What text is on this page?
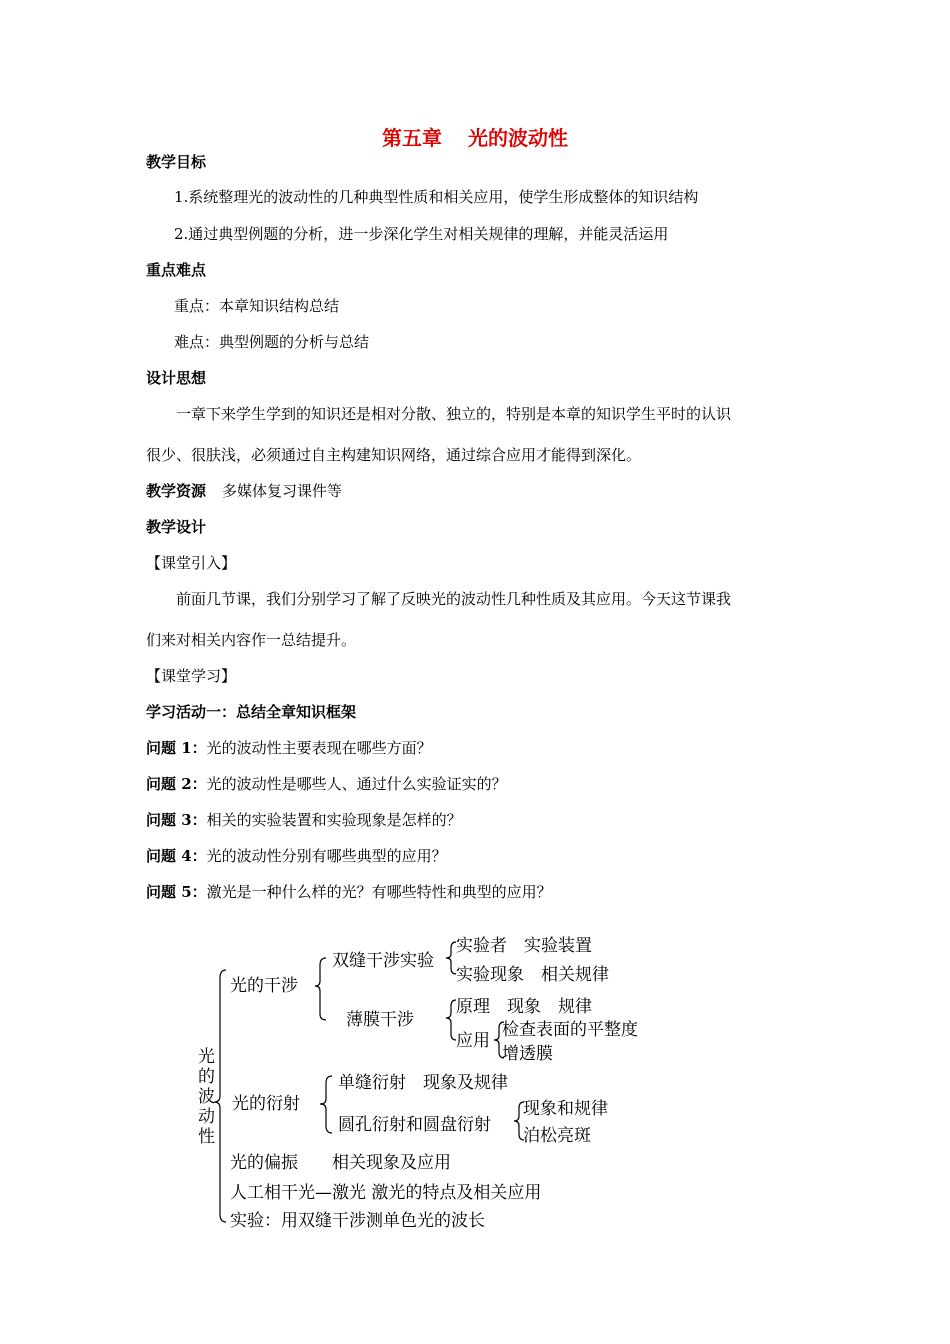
第五章 光的波动性
教学目标
1.系统整理光的波动性的几种典型性质和相关应用，使学生形成整体的知识结构
2.通过典型例题的分析，进一步深化学生对相关规律的理解，并能灵活运用
重点难点
重点：本章知识结构总结
难点：典型例题的分析与总结
设计思想
一章下来学生学到的知识还是相对分散、独立的，特别是本章的知识学生平时的认识
很少、很肤浅，必须通过自主构建知识网络，通过综合应用才能得到深化。
教学资源 多媒体复习课件等
教学设计
【课堂引入】
前面几节课，我们分别学习了解了反映光的波动性几种性质及其应用。今天这节课我
们来对相关内容作一总结提升。
【课堂学习】
学习活动一：总结全章知识框架
问题 1：光的波动性主要表现在哪些方面？
问题 2：光的波动性是哪些人、通过什么实验证实的？
问题 3：相关的实验装置和实验现象是怎样的？
问题 4：光的波动性分别有哪些典型的应用？
问题 5：激光是一种什么样的光？有哪些特性和典型的应用？
光
的
波
动
性
光的干涉
双缝干涉实验
实验者　实验装置
实验现象　相关规律
薄膜干涉
原理　现象　规律
应用
检查表面的平整度
增透膜
光的衍射
单缝衍射　现象及规律
圆孔衍射和圆盘衍射
现象和规律
泊松亮斑
光的偏振　　相关现象及应用
人工相干光—激光 激光的特点及相关应用
实验：用双缝干涉测单色光的波长
